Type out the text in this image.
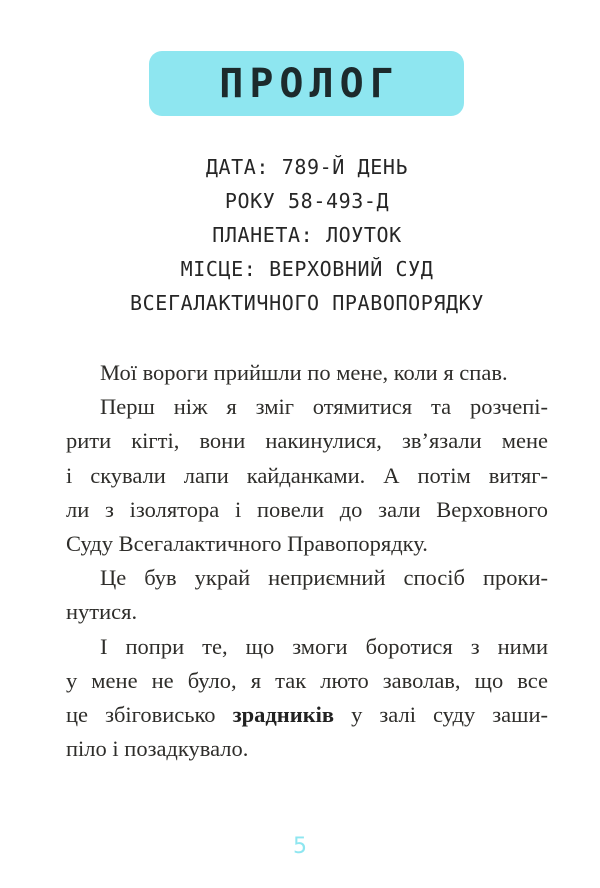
ПРОЛОГ
ДАТА: 789-Й ДЕНЬ
РОКУ 58-493-Д
ПЛАНЕТА: ЛОУТОК
МІСЦЕ: ВЕРХОВНИЙ СУД
ВСЕГАЛАКТИЧНОГО ПРАВОПОРЯДКУ
Мої вороги прийшли по мене, коли я спав.
Перш ніж я зміг отямитися та розчепі-
рити кігті, вони накинулися, зв’язали мене
і скували лапи кайданками. А потім витяг-
ли з ізолятора і повели до зали Верховного
Суду Всегалактичного Правопорядку.
Це був украй неприємний спосіб проки-
нутися.
І попри те, що змоги боротися з ними
у мене не було, я так люто заволав, що все
це збіговисько зрадників у залі суду заши-
піло і позадкувало.
5
